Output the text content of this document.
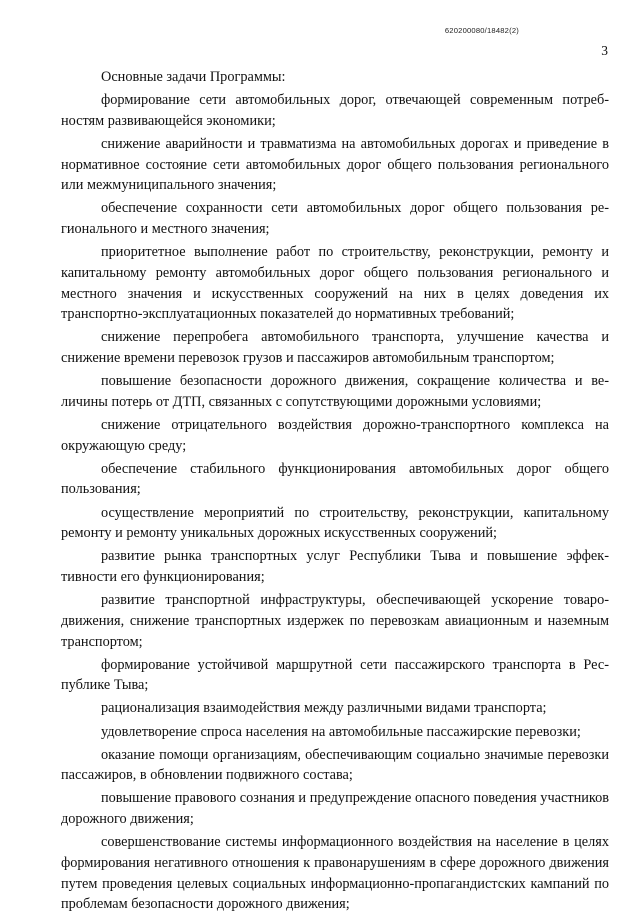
620200080/18482(2)
3

Основные задачи Программы:

формирование сети автомобильных дорог, отвечающей современным потребностям развивающейся экономики;

снижение аварийности и травматизма на автомобильных дорогах и приведение в нормативное состояние сети автомобильных дорог общего пользования регионального или межмуниципального значения;

обеспечение сохранности сети автомобильных дорог общего пользования регионального и местного значения;

приоритетное выполнение работ по строительству, реконструкции, ремонту и капитальному ремонту автомобильных дорог общего пользования регионального и местного значения и искусственных сооружений на них в целях доведения их транспортно-эксплуатационных показателей до нормативных требований;

снижение перепробега автомобильного транспорта, улучшение качества и снижение времени перевозок грузов и пассажиров автомобильным транспортом;

повышение безопасности дорожного движения, сокращение количества и величины потерь от ДТП, связанных с сопутствующими дорожными условиями;

снижение отрицательного воздействия дорожно-транспортного комплекса на окружающую среду;

обеспечение стабильного функционирования автомобильных дорог общего пользования;

осуществление мероприятий по строительству, реконструкции, капитальному ремонту и ремонту уникальных дорожных искусственных сооружений;

развитие рынка транспортных услуг Республики Тыва и повышение эффективности его функционирования;

развитие транспортной инфраструктуры, обеспечивающей ускорение товародвижения, снижение транспортных издержек по перевозкам авиационным и наземным транспортом;

формирование устойчивой маршрутной сети пассажирского транспорта в Республике Тыва;

рационализация взаимодействия между различными видами транспорта;

удовлетворение спроса населения на автомобильные пассажирские перевозки;

оказание помощи организациям, обеспечивающим социально значимые перевозки пассажиров, в обновлении подвижного состава;

повышение правового сознания и предупреждение опасного поведения участников дорожного движения;

совершенствование системы информационного воздействия на население в целях формирования негативного отношения к правонарушениям в сфере дорожного движения путем проведения целевых социальных информационно-пропагандистских кампаний по проблемам безопасности дорожного движения;
